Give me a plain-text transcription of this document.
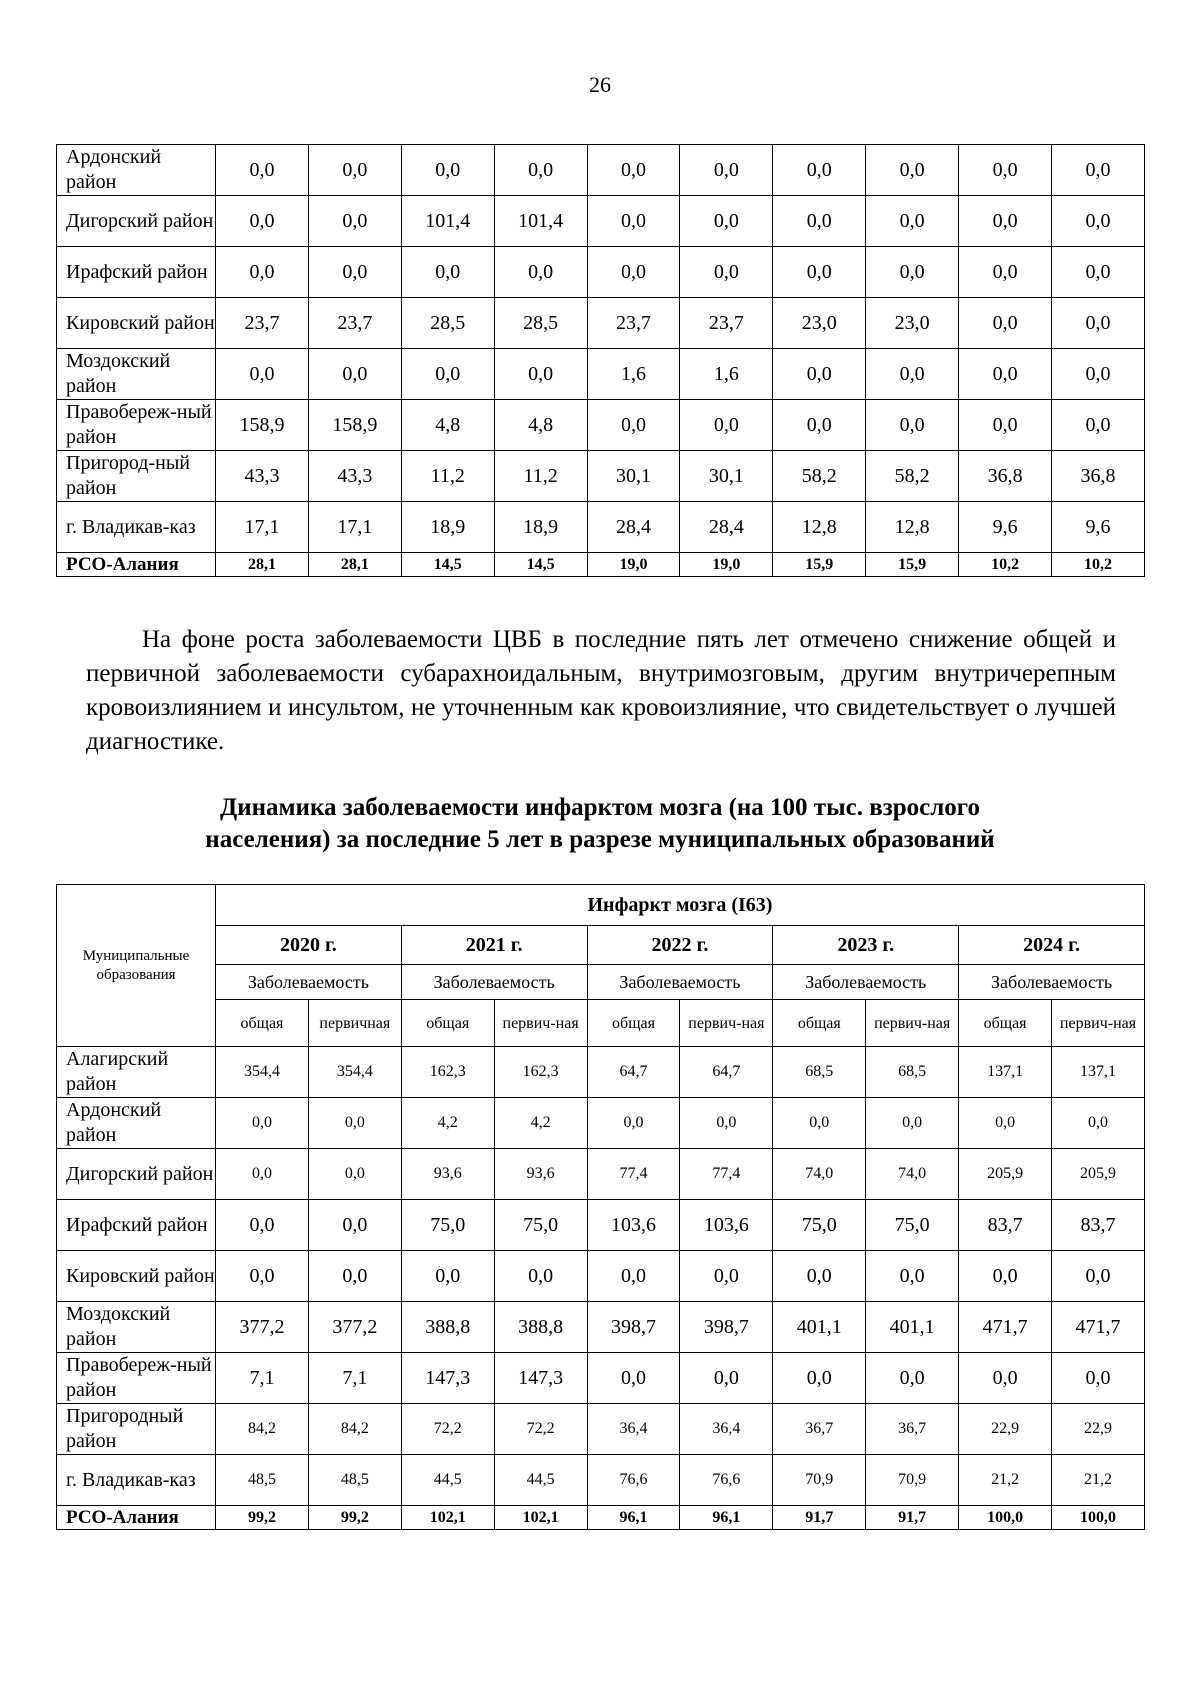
26
Ардонский район	0,0	0,0	0,0	0,0	0,0	0,0	0,0	0,0	0,0	0,0
Дигорский район	0,0	0,0	101,4	101,4	0,0	0,0	0,0	0,0	0,0	0,0
Ирафский район	0,0	0,0	0,0	0,0	0,0	0,0	0,0	0,0	0,0	0,0
Кировский район	23,7	23,7	28,5	28,5	23,7	23,7	23,0	23,0	0,0	0,0
Моздокский район	0,0	0,0	0,0	0,0	1,6	1,6	0,0	0,0	0,0	0,0
Правобереж-ный район	158,9	158,9	4,8	4,8	0,0	0,0	0,0	0,0	0,0	0,0
Пригород-ный район	43,3	43,3	11,2	11,2	30,1	30,1	58,2	58,2	36,8	36,8
г. Владикав-каз	17,1	17,1	18,9	18,9	28,4	28,4	12,8	12,8	9,6	9,6
РСО-Алания	28,1	28,1	14,5	14,5	19,0	19,0	15,9	15,9	10,2	10,2

На фоне роста заболеваемости ЦВБ в последние пять лет отмечено снижение общей и первичной заболеваемости субарахноидальным, внутримозговым, другим внутричерепным кровоизлиянием и инсультом, не уточненным как кровоизлияние, что свидетельствует о лучшей диагностике.

Динамика заболеваемости инфарктом мозга (на 100 тыс. взрослого
населения) за последние 5 лет в разрезе муниципальных образований
Муниципальные образования	Инфаркт мозга (I63)									
	2020 г.		2021 г.		2022 г.		2023 г.		2024 г.	
	Заболеваемость		Заболеваемость		Заболеваемость		Заболеваемость		Заболеваемость	
	общая	первичная	общая	первич-ная	общая	первич-ная	общая	первич-ная	общая	первич-ная
Алагирский район	354,4	354,4	162,3	162,3	64,7	64,7	68,5	68,5	137,1	137,1
Ардонский район	0,0	0,0	4,2	4,2	0,0	0,0	0,0	0,0	0,0	0,0
Дигорский район	0,0	0,0	93,6	93,6	77,4	77,4	74,0	74,0	205,9	205,9
Ирафский район	0,0	0,0	75,0	75,0	103,6	103,6	75,0	75,0	83,7	83,7
Кировский район	0,0	0,0	0,0	0,0	0,0	0,0	0,0	0,0	0,0	0,0
Моздокский район	377,2	377,2	388,8	388,8	398,7	398,7	401,1	401,1	471,7	471,7
Правобереж-ный район	7,1	7,1	147,3	147,3	0,0	0,0	0,0	0,0	0,0	0,0
Пригородный район	84,2	84,2	72,2	72,2	36,4	36,4	36,7	36,7	22,9	22,9
г. Владикав-каз	48,5	48,5	44,5	44,5	76,6	76,6	70,9	70,9	21,2	21,2
РСО-Алания	99,2	99,2	102,1	102,1	96,1	96,1	91,7	91,7	100,0	100,0
